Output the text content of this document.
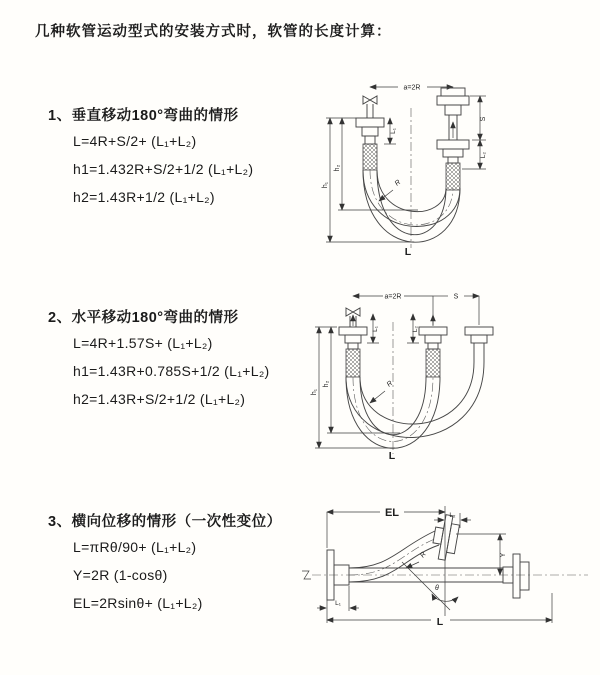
几种软管运动型式的安装方式时，软管的长度计算：
1、垂直移动180°弯曲的情形
L=4R+S/2+ (L₁+L₂)
h1=1.432R+S/2+1/2 (L₁+L₂)
h2=1.43R+1/2 (L₁+L₂)
2、水平移动180°弯曲的情形
L=4R+1.57S+ (L₁+L₂)
h1=1.43R+0.785S+1/2 (L₁+L₂)
h2=1.43R+S/2+1/2 (L₁+L₂)
3、横向位移的情形（一次性变位）
L=πRθ/90+ (L₁+L₂)
Y=2R (1-cosθ)
EL=2Rsinθ+ (L₁+L₂)
a=2R
h₁
h₂
L₁
S
L₂
R
L
a=2R	S
h₁
h₂
L₁	L₂
R
L
θ
R
EL	L₂
Y
L₁
L
